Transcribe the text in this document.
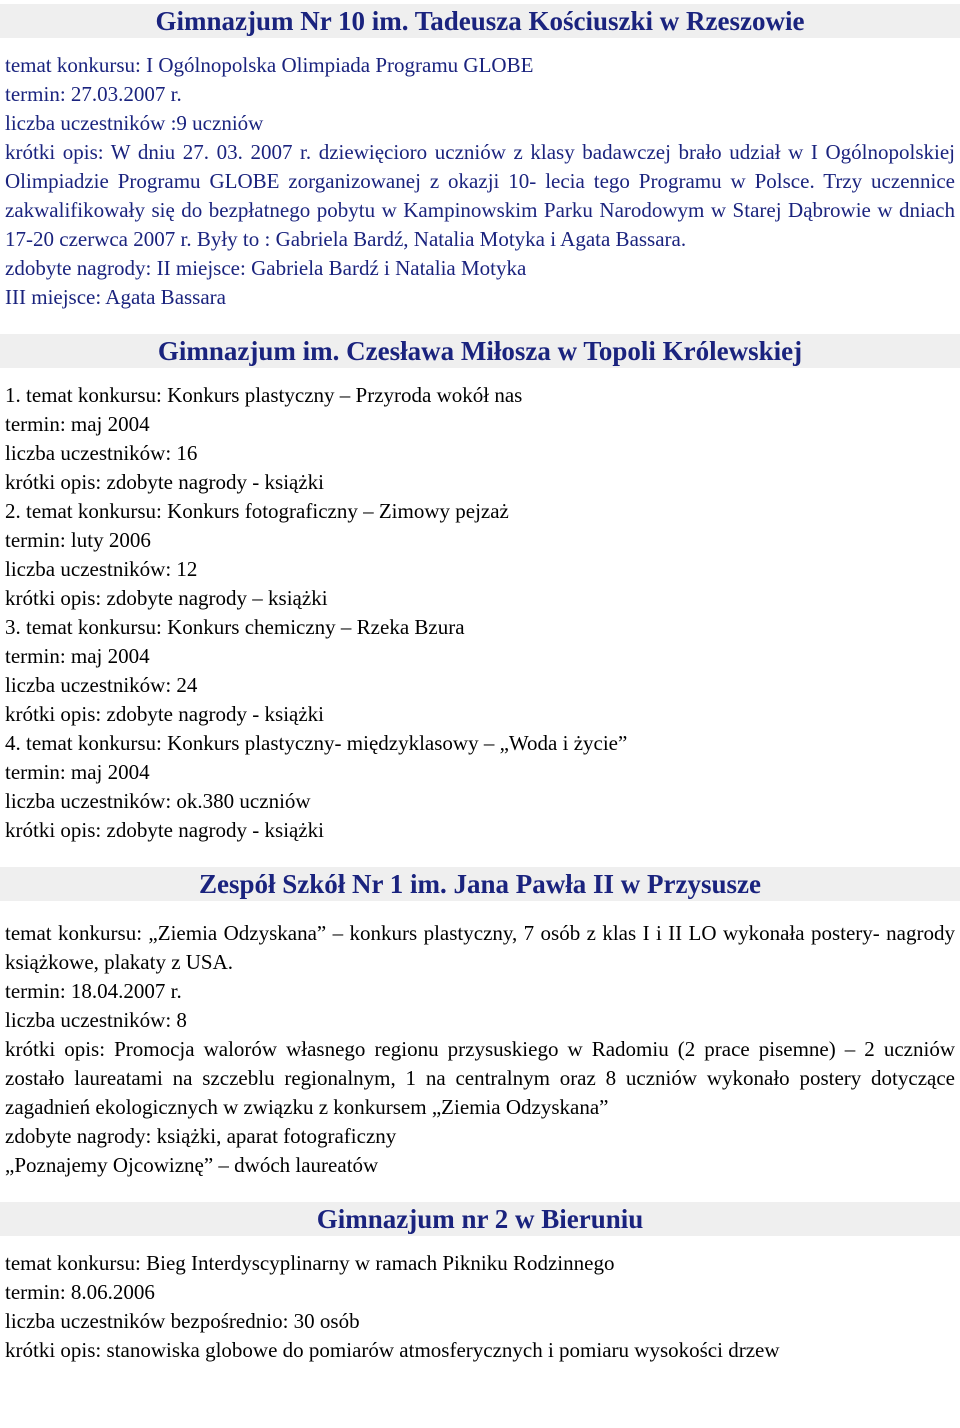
Gimnazjum Nr 10 im. Tadeusza Kościuszki w Rzeszowie

temat konkursu: I Ogólnopolska Olimpiada Programu GLOBE

termin: 27.03.2007 r.

liczba uczestników :9 uczniów

krótki opis: W dniu 27. 03. 2007 r. dziewięcioro uczniów z klasy badawczej brało udział w I Ogólnopolskiej Olimpiadzie Programu GLOBE zorganizowanej z okazji 10- lecia tego Programu w Polsce. Trzy uczennice zakwalifikowały się do bezpłatnego pobytu w Kampinowskim Parku Narodowym w Starej Dąbrowie w dniach 17-20 czerwca 2007 r. Były to : Gabriela Bardź, Natalia Motyka i Agata Bassara.

zdobyte nagrody: II miejsce: Gabriela Bardź i Natalia Motyka

III miejsce: Agata Bassara

Gimnazjum im. Czesława Miłosza w Topoli Królewskiej

1. temat konkursu: Konkurs plastyczny – Przyroda wokół nas

termin: maj 2004

liczba uczestników: 16

krótki opis: zdobyte nagrody - książki

2. temat konkursu: Konkurs fotograficzny – Zimowy pejzaż

termin: luty 2006

liczba uczestników: 12

krótki opis: zdobyte nagrody – książki

3. temat konkursu: Konkurs chemiczny – Rzeka Bzura

termin: maj 2004

liczba uczestników: 24

krótki opis: zdobyte nagrody - książki

4. temat konkursu: Konkurs plastyczny- międzyklasowy – „Woda i życie”

termin: maj 2004

liczba uczestników: ok.380 uczniów

krótki opis: zdobyte nagrody - książki

Zespół Szkół Nr 1 im. Jana Pawła II w Przysusze

temat konkursu: „Ziemia Odzyskana” – konkurs plastyczny, 7 osób z klas I i II LO wykonała postery- nagrody książkowe, plakaty z USA.

termin: 18.04.2007 r.

liczba uczestników: 8

krótki opis: Promocja walorów własnego regionu przysuskiego w Radomiu (2 prace pisemne) – 2 uczniów zostało laureatami na szczeblu regionalnym, 1 na centralnym oraz 8 uczniów wykonało postery dotyczące zagadnień ekologicznych w związku z konkursem „Ziemia Odzyskana”

zdobyte nagrody: książki, aparat fotograficzny

„Poznajemy Ojcowiznę” – dwóch laureatów

Gimnazjum nr 2 w Bieruniu

temat konkursu: Bieg Interdyscyplinarny w ramach Pikniku Rodzinnego

termin: 8.06.2006

liczba uczestników bezpośrednio: 30 osób

krótki opis: stanowiska globowe do pomiarów atmosferycznych i pomiaru wysokości drzew
